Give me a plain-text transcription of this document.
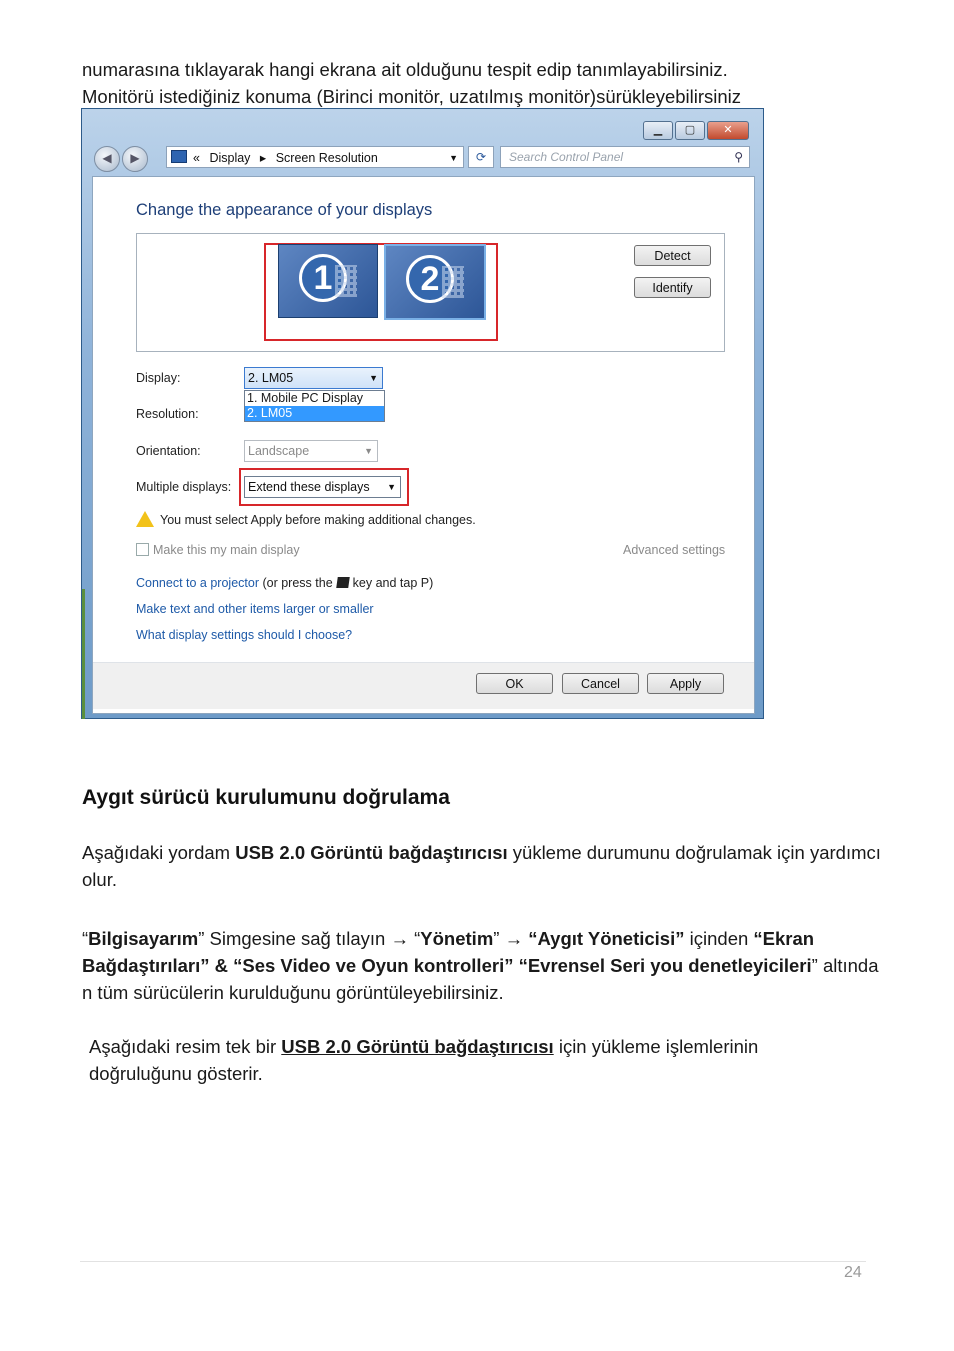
numarasına tıklayarak hangi ekrana ait olduğunu tespit edip tanımlayabilirsiniz.

Monitörü istediğiniz konuma (Birinci monitör, uzatılmış monitör)sürükleyebilirsiniz

▁	▢	✕
◀	▶	« Display ▸ Screen Resolution	▼	⟳	Search Control Panel	⚲
Change the appearance of your displays
1	2
Detect
Identify
Display:	2. LM05	▼
1. Mobile PC Display
2. LM05
Resolution:
Orientation:	Landscape	▼
Multiple displays:	Extend these displays ▼
You must select Apply before making additional changes.
Make this my main display	Advanced settings
Connect to a projector (or press the key and tap P)
Make text and other items larger or smaller
What display settings should I choose?
OK	Cancel	Apply
Aygıt sürücü kurulumunu doğrulama

Aşağıdaki yordam USB 2.0 Görüntü bağdaştırıcısı yükleme durumunu doğrulamak için yardımcı olur.

“Bilgisayarım” Simgesine sağ tılayın → “Yönetim” → “Aygıt Yöneticisi” içinden “Ekran Bağdaştırıları” & “Ses Video ve Oyun kontrolleri” “Evrensel Seri you denetleyicileri” altında n tüm sürücülerin kurulduğunu görüntüleyebilirsiniz.

Aşağıdaki resim tek bir USB 2.0 Görüntü bağdaştırıcısı için yükleme işlemlerinin doğruluğunu gösterir.

24
